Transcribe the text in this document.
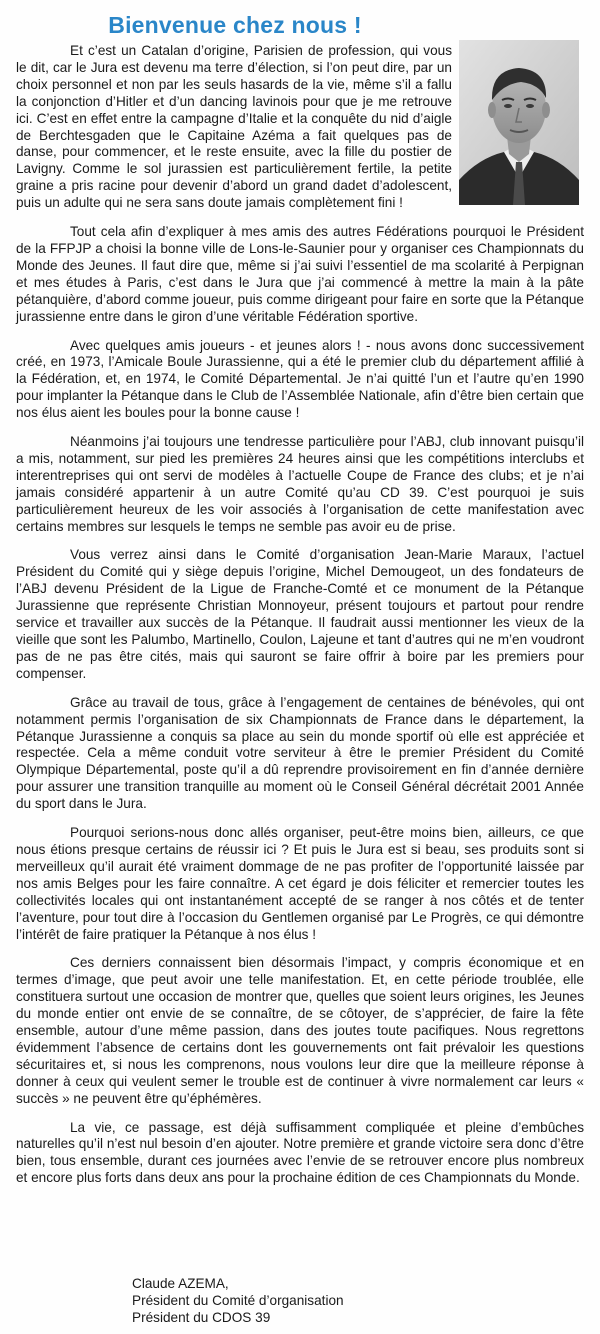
Bienvenue chez nous !

Et c’est un Catalan d’origine, Parisien de profession, qui vous le dit, car le Jura est devenu ma terre d’élection, si l’on peut dire, par un choix personnel et non par les seuls hasards de la vie, même s’il a fallu la conjonction d’Hitler et d’un dancing lavinois pour que je me retrouve ici. C’est en effet entre la campagne d’Italie et la conquête du nid d’aigle de Berchtesgaden que le Capitaine Azéma a fait quelques pas de danse, pour commencer, et le reste ensuite, avec la fille du postier de Lavigny. Comme le sol jurassien est particulièrement fertile, la petite graine a pris racine pour devenir d’abord un grand dadet d’adolescent, puis un adulte qui ne sera sans doute jamais complètement fini !

Tout cela afin d’expliquer à mes amis des autres Fédérations pourquoi le Président de la FFPJP a choisi la bonne ville de Lons-le-Saunier pour y organiser ces Championnats du Monde des Jeunes. Il faut dire que, même si j’ai suivi l’essentiel de ma scolarité à Perpignan et mes études à Paris, c’est dans le Jura que j’ai commencé à mettre la main à la pâte pétanquière, d’abord comme joueur, puis comme dirigeant pour faire en sorte que la Pétanque jurassienne entre dans le giron d’une véritable Fédération sportive.

Avec quelques amis joueurs - et jeunes alors ! - nous avons donc successivement créé, en 1973, l’Amicale Boule Jurassienne, qui a été le premier club du département affilié à la Fédération, et, en 1974, le Comité Départemental. Je n’ai quitté l’un et l’autre qu’en 1990 pour implanter la Pétanque dans le Club de l’Assemblée Nationale, afin d’être bien certain que nos élus aient les boules pour la bonne cause !

Néanmoins j’ai toujours une tendresse particulière pour l’ABJ, club innovant puisqu’il a mis, notamment, sur pied les premières 24 heures ainsi que les compétitions interclubs et interentreprises qui ont servi de modèles à l’actuelle Coupe de France des clubs; et je n’ai jamais considéré appartenir à un autre Comité qu’au CD 39. C’est pourquoi je suis particulièrement heureux de les voir associés à l’organisation de cette manifestation avec certains membres sur lesquels le temps ne semble pas avoir eu de prise.

Vous verrez ainsi dans le Comité d’organisation Jean-Marie Maraux, l’actuel Président du Comité qui y siège depuis l’origine, Michel Demougeot, un des fondateurs de l’ABJ devenu Président de la Ligue de Franche-Comté et ce monument de la Pétanque Jurassienne que représente Christian Monnoyeur, présent toujours et partout pour rendre service et travailler aux succès de la Pétanque. Il faudrait aussi mentionner les vieux de la vieille que sont les Palumbo, Martinello, Coulon, Lajeune et tant d’autres qui ne m’en voudront pas de ne pas être cités, mais qui sauront se faire offrir à boire par les premiers pour compenser.

Grâce au travail de tous, grâce à l’engagement de centaines de bénévoles, qui ont notamment permis l’organisation de six Championnats de France dans le département, la Pétanque Jurassienne a conquis sa place au sein du monde sportif où elle est appréciée et respectée. Cela a même conduit votre serviteur à être le premier Président du Comité Olympique Départemental, poste qu’il a dû reprendre provisoirement en fin d’année dernière pour assurer une transition tranquille au moment où le Conseil Général décrétait 2001 Année du sport dans le Jura.

Pourquoi serions-nous donc allés organiser, peut-être moins bien, ailleurs, ce que nous étions presque certains de réussir ici ? Et puis le Jura est si beau, ses produits sont si merveilleux qu’il aurait été vraiment dommage de ne pas profiter de l’opportunité laissée par nos amis Belges pour les faire connaître. A cet égard je dois féliciter et remercier toutes les collectivités locales qui ont instantanément accepté de se ranger à nos côtés et de tenter l’aventure, pour tout dire à l’occasion du Gentlemen organisé par Le Progrès, ce qui démontre l’intérêt de faire pratiquer la Pétanque à nos élus !

Ces derniers connaissent bien désormais l’impact, y compris économique et en termes d’image, que peut avoir une telle manifestation. Et, en cette période troublée, elle constituera surtout une occasion de montrer que, quelles que soient leurs origines, les Jeunes du monde entier ont envie de se connaître, de se côtoyer, de s’apprécier, de faire la fête ensemble, autour d’une même passion, dans des joutes toute pacifiques. Nous regrettons évidemment l’absence de certains dont les gouvernements ont fait prévaloir les questions sécuritaires et, si nous les comprenons, nous voulons leur dire que la meilleure réponse à donner à ceux qui veulent semer le trouble est de continuer à vivre normalement car leurs « succès » ne peuvent être qu’éphémères.

La vie, ce passage, est déjà suffisamment compliquée et pleine d’embûches naturelles qu’il n’est nul besoin d’en ajouter. Notre première et grande victoire sera donc d’être bien, tous ensemble, durant ces journées avec l’envie de se retrouver encore plus nombreux et encore plus forts dans deux ans pour la prochaine édition de ces Championnats du Monde.

Claude AZEMA,
Président du Comité d’organisation
Président du CDOS 39
